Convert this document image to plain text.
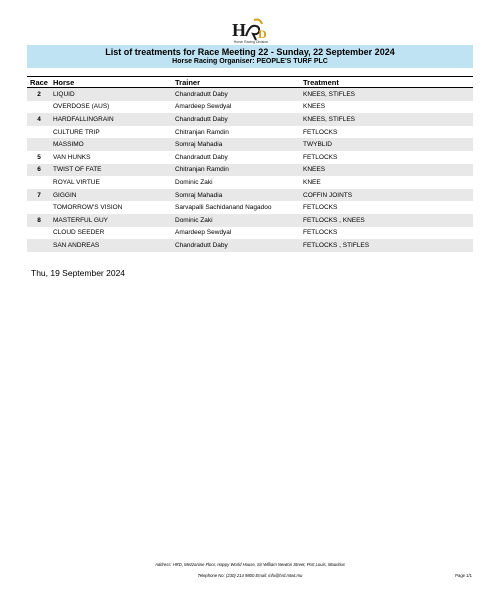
H D
Horse Racing Division
List of treatments for Race Meeting 22 - Sunday, 22 September 2024
Horse Racing Organiser: PEOPLE'S TURF PLC
Race	Horse	Trainer	Treatment
2	LIQUID	Chandradutt Daby	KNEES, STIFLES
	OVERDOSE (AUS)	Amardeep Sewdyal	KNEES
4	HARDFALLINGRAIN	Chandradutt Daby	KNEES, STIFLES
	CULTURE TRIP	Chitranjan Ramdin	FETLOCKS
	MASSIMO	Somraj Mahadia	TWYBLID
5	VAN HUNKS	Chandradutt Daby	FETLOCKS
6	TWIST OF FATE	Chitranjan Ramdin	KNEES
	ROYAL VIRTUE	Dominic Zaki	KNEE
7	GIGGIN	Somraj Mahadia	COFFIN JOINTS
	TOMORROW'S VISION	Sarvapalli Sachidanand Nagadoo	FETLOCKS
8	MASTERFUL GUY	Dominic Zaki	FETLOCKS , KNEES
	CLOUD SEEDER	Amardeep Sewdyal	FETLOCKS
	SAN ANDREAS	Chandradutt Daby	FETLOCKS , STIFLES
Thu, 19 September 2024
Address: HRD, Mezzanine Floor, Happy World House, Sir William Newton Street, Port Louis, Mauritius
Telephone No: (230) 214 9800 Email: info@hrd.mtwt.mu	Page 1/1
